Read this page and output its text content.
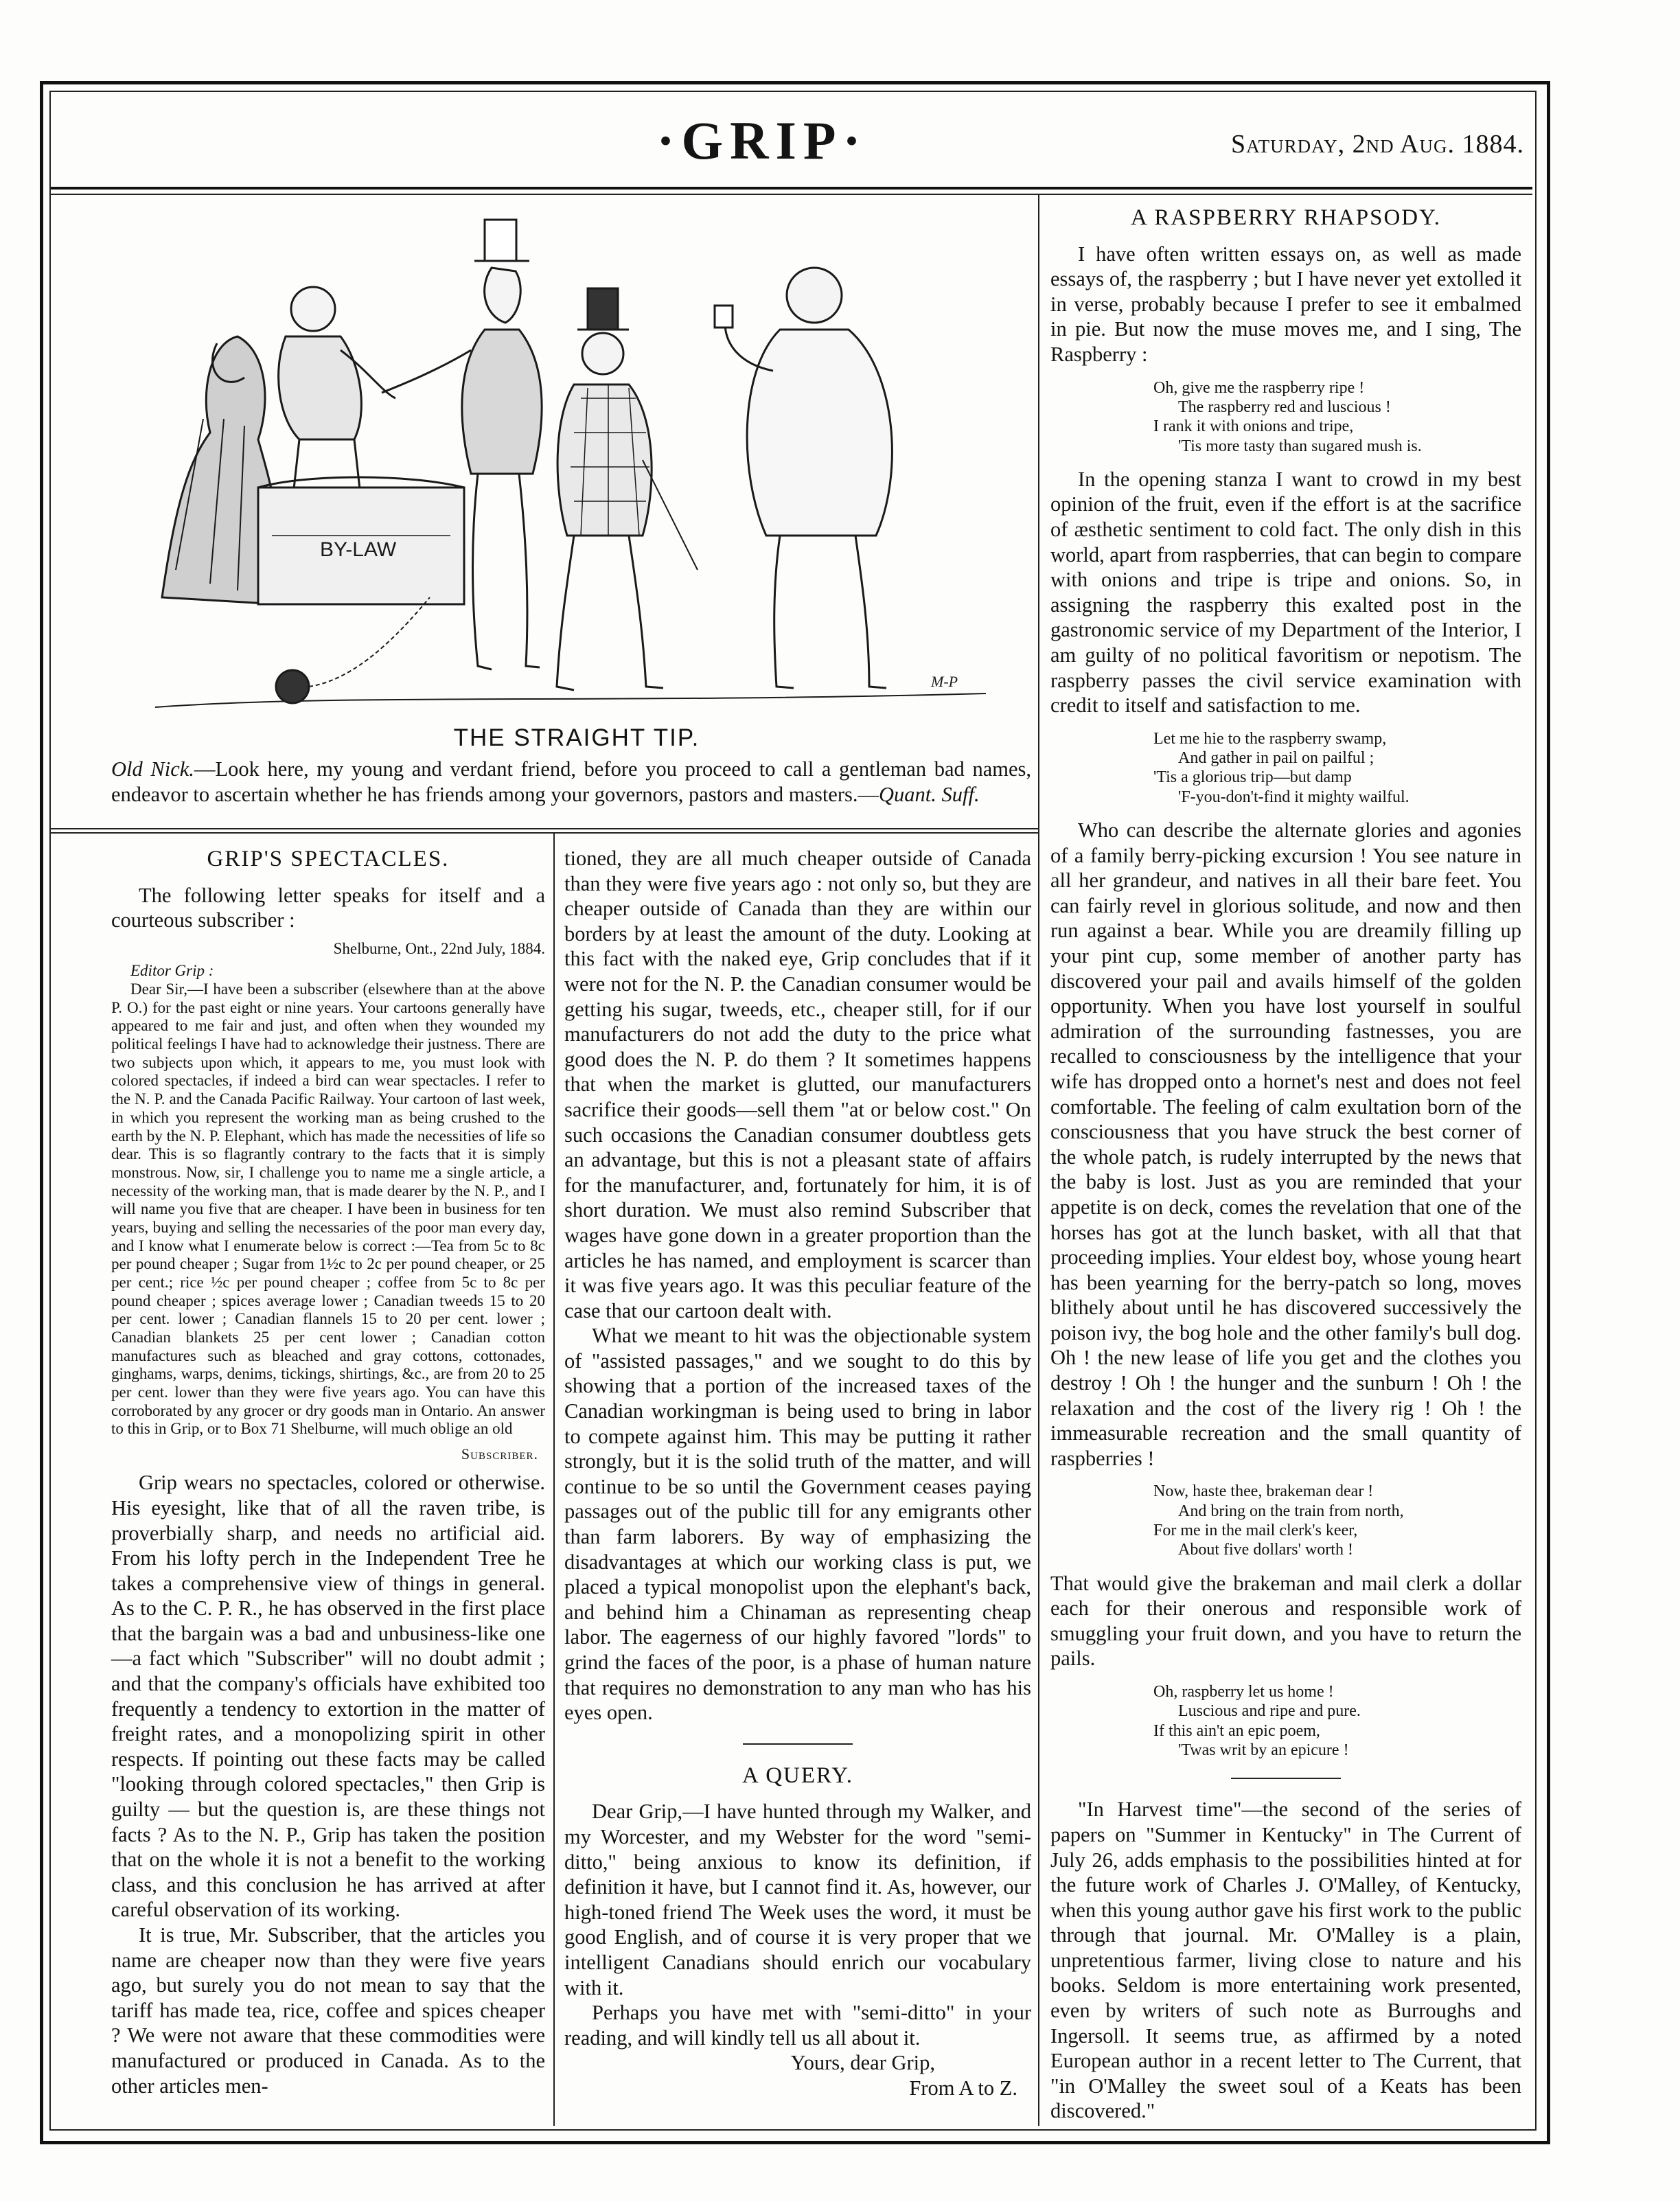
·GRIP·	Saturday, 2nd Aug. 1884.
BY-LAW
M-P
THE STRAIGHT TIP.
Old Nick.—Look here, my young and verdant friend, before you proceed to call a gentleman bad names, endeavor to ascertain whether he has friends among your governors, pastors and masters.—Quant. Suff.
GRIP'S SPECTACLES.

The following letter speaks for itself and a courteous subscriber :

Shelburne, Ont., 22nd July, 1884.
Editor Grip :

Dear Sir,—I have been a subscriber (elsewhere than at the above P. O.) for the past eight or nine years. Your cartoons generally have appeared to me fair and just, and often when they wounded my political feelings I have had to acknowledge their justness. There are two subjects upon which, it appears to me, you must look with colored spectacles, if indeed a bird can wear spectacles. I refer to the N. P. and the Canada Pacific Railway. Your cartoon of last week, in which you represent the working man as being crushed to the earth by the N. P. Elephant, which has made the necessities of life so dear. This is so flagrantly contrary to the facts that it is simply monstrous. Now, sir, I challenge you to name me a single article, a necessity of the working man, that is made dearer by the N. P., and I will name you five that are cheaper. I have been in business for ten years, buying and selling the necessaries of the poor man every day, and I know what I enumerate below is correct :—Tea from 5c to 8c per pound cheaper ; Sugar from 1½c to 2c per pound cheaper, or 25 per cent.; rice ½c per pound cheaper ; coffee from 5c to 8c per pound cheaper ; spices average lower ; Canadian tweeds 15 to 20 per cent. lower ; Canadian flannels 15 to 20 per cent. lower ; Canadian blankets 25 per cent lower ; Canadian cotton manufactures such as bleached and gray cottons, cottonades, ginghams, warps, denims, tickings, shirtings, &c., are from 20 to 25 per cent. lower than they were five years ago. You can have this corroborated by any grocer or dry goods man in Ontario. An answer to this in Grip, or to Box 71 Shelburne, will much oblige an old

Subscriber.

Grip wears no spectacles, colored or otherwise. His eyesight, like that of all the raven tribe, is proverbially sharp, and needs no artificial aid. From his lofty perch in the Independent Tree he takes a comprehensive view of things in general. As to the C. P. R., he has observed in the first place that the bargain was a bad and unbusiness-like one—a fact which "Subscriber" will no doubt admit ; and that the company's officials have exhibited too frequently a tendency to extortion in the matter of freight rates, and a monopolizing spirit in other respects. If pointing out these facts may be called "looking through colored spectacles," then Grip is guilty — but the question is, are these things not facts ? As to the N. P., Grip has taken the position that on the whole it is not a benefit to the working class, and this conclusion he has arrived at after careful observation of its working.

It is true, Mr. Subscriber, that the articles you name are cheaper now than they were five years ago, but surely you do not mean to say that the tariff has made tea, rice, coffee and spices cheaper ? We were not aware that these commodities were manufactured or produced in Canada. As to the other articles men-

tioned, they are all much cheaper outside of Canada than they were five years ago : not only so, but they are cheaper outside of Canada than they are within our borders by at least the amount of the duty. Looking at this fact with the naked eye, Grip concludes that if it were not for the N. P. the Canadian consumer would be getting his sugar, tweeds, etc., cheaper still, for if our manufacturers do not add the duty to the price what good does the N. P. do them ? It sometimes happens that when the market is glutted, our manufacturers sacrifice their goods—sell them "at or below cost." On such occasions the Canadian consumer doubtless gets an advantage, but this is not a pleasant state of affairs for the manufacturer, and, fortunately for him, it is of short duration. We must also remind Subscriber that wages have gone down in a greater proportion than the articles he has named, and employment is scarcer than it was five years ago. It was this peculiar feature of the case that our cartoon dealt with.

What we meant to hit was the objectionable system of "assisted passages," and we sought to do this by showing that a portion of the increased taxes of the Canadian workingman is being used to bring in labor to compete against him. This may be putting it rather strongly, but it is the solid truth of the matter, and will continue to be so until the Government ceases paying passages out of the public till for any emigrants other than farm laborers. By way of emphasizing the disadvantages at which our working class is put, we placed a typical monopolist upon the elephant's back, and behind him a Chinaman as representing cheap labor. The eagerness of our highly favored "lords" to grind the faces of the poor, is a phase of human nature that requires no demonstration to any man who has his eyes open.

A QUERY.

Dear Grip,—I have hunted through my Walker, and my Worcester, and my Webster for the word "semi-ditto," being anxious to know its definition, if definition it have, but I cannot find it. As, however, our high-toned friend The Week uses the word, it must be good English, and of course it is very proper that we intelligent Canadians should enrich our vocabulary with it.

Perhaps you have met with "semi-ditto" in your reading, and will kindly tell us all about it.

Yours, dear Grip,
From A to Z.
A RASPBERRY RHAPSODY.

I have often written essays on, as well as made essays of, the raspberry ; but I have never yet extolled it in verse, probably because I prefer to see it embalmed in pie. But now the muse moves me, and I sing, The Raspberry :

Oh, give me the raspberry ripe !
The raspberry red and luscious !
I rank it with onions and tripe,
'Tis more tasty than sugared mush is.

In the opening stanza I want to crowd in my best opinion of the fruit, even if the effort is at the sacrifice of æsthetic sentiment to cold fact. The only dish in this world, apart from raspberries, that can begin to compare with onions and tripe is tripe and onions. So, in assigning the raspberry this exalted post in the gastronomic service of my Department of the Interior, I am guilty of no political favoritism or nepotism. The raspberry passes the civil service examination with credit to itself and satisfaction to me.

Let me hie to the raspberry swamp,
And gather in pail on pailful ;
'Tis a glorious trip—but damp
'F-you-don't-find it mighty wailful.

Who can describe the alternate glories and agonies of a family berry-picking excursion ! You see nature in all her grandeur, and natives in all their bare feet. You can fairly revel in glorious solitude, and now and then run against a bear. While you are dreamily filling up your pint cup, some member of another party has discovered your pail and avails himself of the golden opportunity. When you have lost yourself in soulful admiration of the surrounding fastnesses, you are recalled to consciousness by the intelligence that your wife has dropped onto a hornet's nest and does not feel comfortable. The feeling of calm exultation born of the consciousness that you have struck the best corner of the whole patch, is rudely interrupted by the news that the baby is lost. Just as you are reminded that your appetite is on deck, comes the revelation that one of the horses has got at the lunch basket, with all that that proceeding implies. Your eldest boy, whose young heart has been yearning for the berry-patch so long, moves blithely about until he has discovered successively the poison ivy, the bog hole and the other family's bull dog. Oh ! the new lease of life you get and the clothes you destroy ! Oh ! the hunger and the sunburn ! Oh ! the relaxation and the cost of the livery rig ! Oh ! the immeasurable recreation and the small quantity of raspberries !

Now, haste thee, brakeman dear !
And bring on the train from north,
For me in the mail clerk's keer,
About five dollars' worth !

That would give the brakeman and mail clerk a dollar each for their onerous and responsible work of smuggling your fruit down, and you have to return the pails.

Oh, raspberry let us home !
Luscious and ripe and pure.
If this ain't an epic poem,
'Twas writ by an epicure !

"In Harvest time"—the second of the series of papers on "Summer in Kentucky" in The Current of July 26, adds emphasis to the possibilities hinted at for the future work of Charles J. O'Malley, of Kentucky, when this young author gave his first work to the public through that journal. Mr. O'Malley is a plain, unpretentious farmer, living close to nature and his books. Seldom is more entertaining work presented, even by writers of such note as Burroughs and Ingersoll. It seems true, as affirmed by a noted European author in a recent letter to The Current, that "in O'Malley the sweet soul of a Keats has been discovered."
